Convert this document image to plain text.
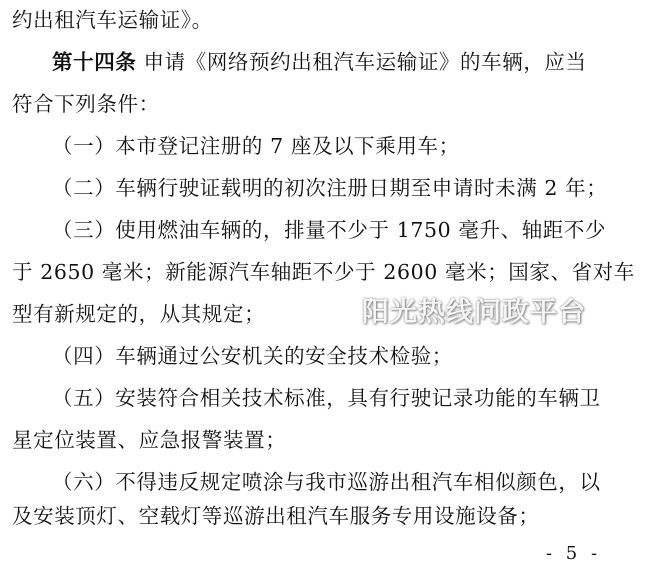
约出租汽车运输证》。
第十四条 申请《网络预约出租汽车运输证》的车辆，应当
符合下列条件：
（一）本市登记注册的 7 座及以下乘用车；
（二）车辆行驶证载明的初次注册日期至申请时未满 2 年；
（三）使用燃油车辆的，排量不少于 1750 毫升、轴距不少
于 2650 毫米；新能源汽车轴距不少于 2600 毫米；国家、省对车
型有新规定的，从其规定；
（四）车辆通过公安机关的安全技术检验；
（五）安装符合相关技术标准，具有行驶记录功能的车辆卫
星定位装置、应急报警装置；
（六）不得违反规定喷涂与我市巡游出租汽车相似颜色，以
及安装顶灯、空载灯等巡游出租汽车服务专用设施设备；
阳光热线问政平台
- 5 -
